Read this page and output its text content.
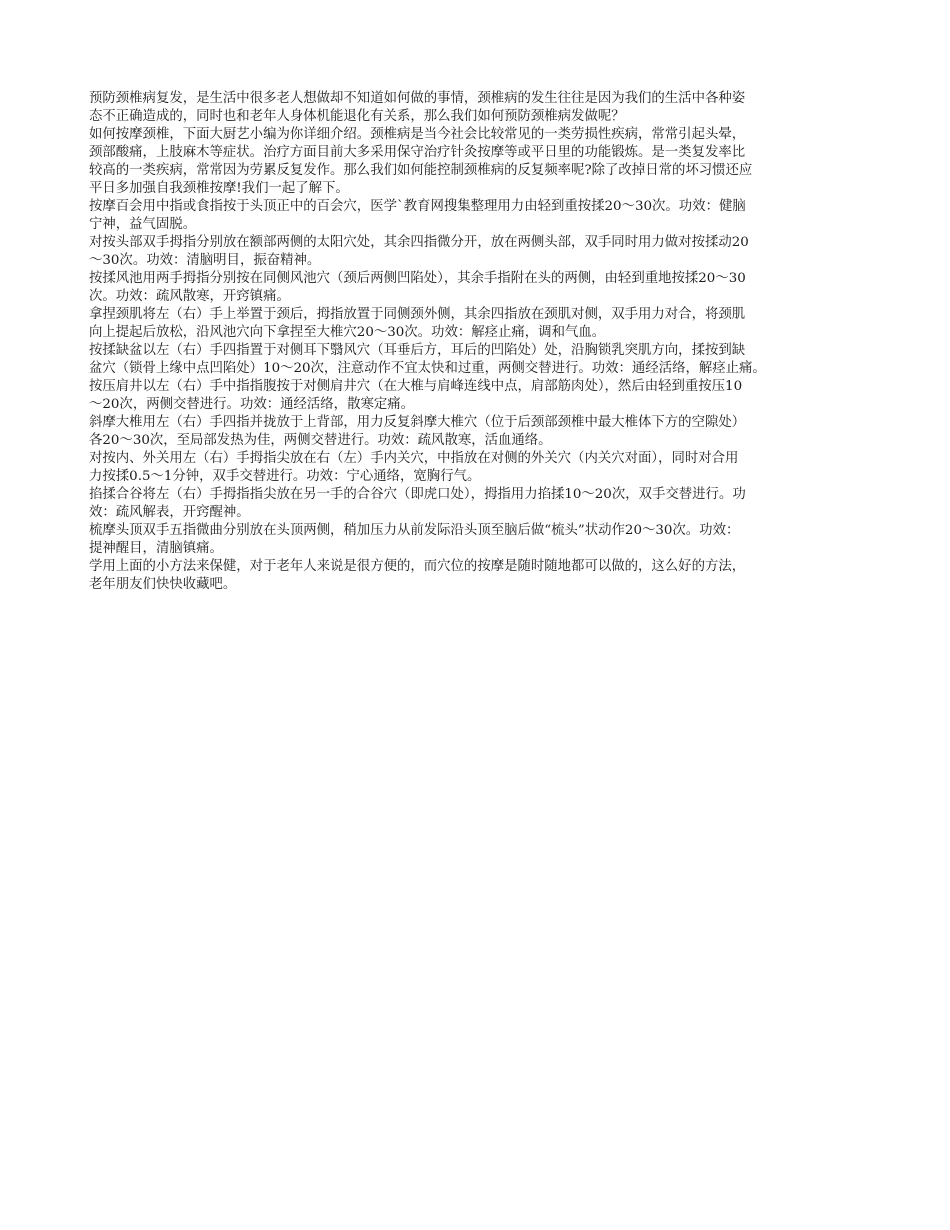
预防颈椎病复发，是生活中很多老人想做却不知道如何做的事情，颈椎病的发生往往是因为我们的生活中各种姿
态不正确造成的，同时也和老年人身体机能退化有关系，那么我们如何预防颈椎病发做呢？
如何按摩颈椎，下面大厨艺小编为你详细介绍。颈椎病是当今社会比较常见的一类劳损性疾病，常常引起头晕，
颈部酸痛，上肢麻木等症状。治疗方面目前大多采用保守治疗针灸按摩等或平日里的功能锻炼。是一类复发率比
较高的一类疾病，常常因为劳累反复发作。那么我们如何能控制颈椎病的反复频率呢?除了改掉日常的坏习惯还应
平日多加强自我颈椎按摩!我们一起了解下。
按摩百会用中指或食指按于头顶正中的百会穴，医学`教育网搜集整理用力由轻到重按揉20～30次。功效：健脑
宁神，益气固脱。
对按头部双手拇指分别放在额部两侧的太阳穴处，其余四指微分开，放在两侧头部，双手同时用力做对按揉动20
～30次。功效：清脑明目，振奋精神。
按揉风池用两手拇指分别按在同侧风池穴（颈后两侧凹陷处），其余手指附在头的两侧，由轻到重地按揉20～30
次。功效：疏风散寒，开窍镇痛。
拿捏颈肌将左（右）手上举置于颈后，拇指放置于同侧颈外侧，其余四指放在颈肌对侧，双手用力对合，将颈肌
向上提起后放松，沿风池穴向下拿捏至大椎穴20～30次。功效：解痉止痛，调和气血。
按揉缺盆以左（右）手四指置于对侧耳下翳风穴（耳垂后方，耳后的凹陷处）处，沿胸锁乳突肌方向，揉按到缺
盆穴（锁骨上缘中点凹陷处）10～20次，注意动作不宜太快和过重，两侧交替进行。功效：通经活络，解痉止痛。
按压肩井以左（右）手中指指腹按于对侧肩井穴（在大椎与肩峰连线中点，肩部筋肉处），然后由轻到重按压10
～20次，两侧交替进行。功效：通经活络，散寒定痛。
斜摩大椎用左（右）手四指并拢放于上背部，用力反复斜摩大椎穴（位于后颈部颈椎中最大椎体下方的空隙处）
各20～30次，至局部发热为佳，两侧交替进行。功效：疏风散寒，活血通络。
对按内、外关用左（右）手拇指尖放在右（左）手内关穴，中指放在对侧的外关穴（内关穴对面），同时对合用
力按揉0.5～1分钟，双手交替进行。功效：宁心通络，宽胸行气。
掐揉合谷将左（右）手拇指指尖放在另一手的合谷穴（即虎口处），拇指用力掐揉10～20次，双手交替进行。功
效：疏风解表，开窍醒神。
梳摩头顶双手五指微曲分别放在头顶两侧，稍加压力从前发际沿头顶至脑后做“梳头”状动作20～30次。功效：
提神醒目，清脑镇痛。
学用上面的小方法来保健，对于老年人来说是很方便的，而穴位的按摩是随时随地都可以做的，这么好的方法，
老年朋友们快快收藏吧。
